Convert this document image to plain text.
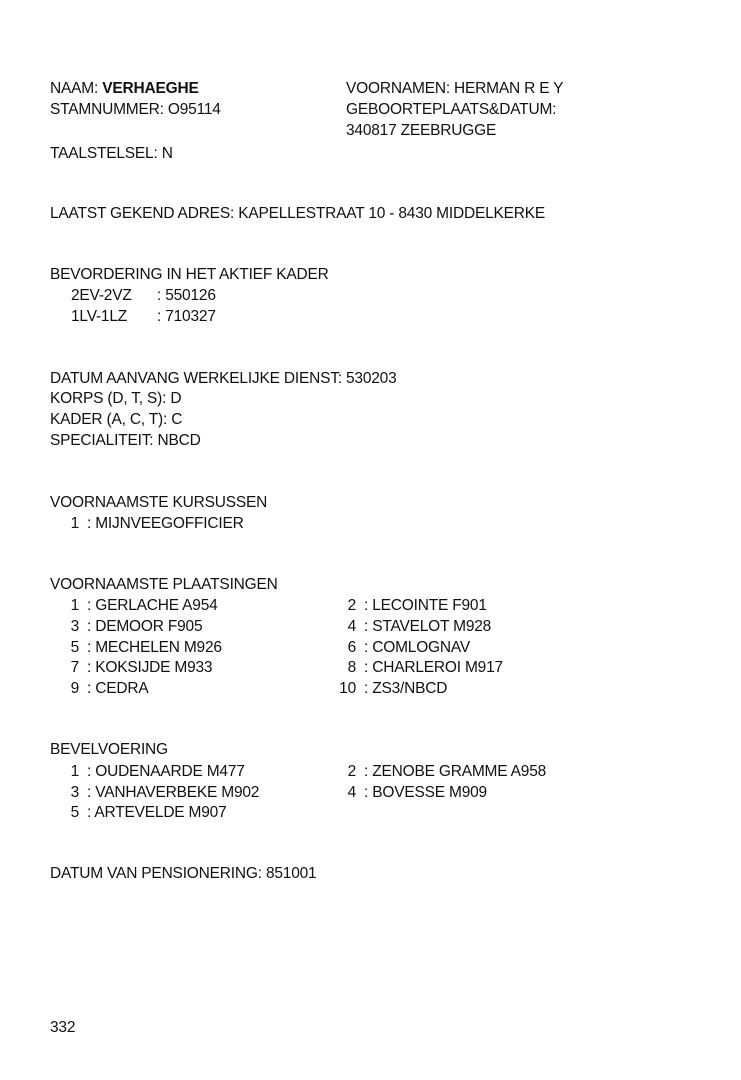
NAAM: VERHAEGHE	VOORNAMEN: HERMAN R E Y
STAMNUMMER: O95114	GEBOORTEPLAATS&DATUM:
340817 ZEEBRUGGE
TAALSTELSEL: N
LAATST GEKEND ADRES: KAPELLESTRAAT 10 - 8430 MIDDELKERKE
BEVORDERING IN HET AKTIEF KADER
2EV-2VZ : 550126
1LV-1LZ : 710327
DATUM AANVANG WERKELIJKE DIENST: 530203
KORPS (D, T, S): D
KADER (A, C, T): C
SPECIALITEIT: NBCD
VOORNAAMSTE KURSUSSEN
1 : MIJNVEEGOFFICIER
VOORNAAMSTE PLAATSINGEN
1 : GERLACHE A954
3 : DEMOOR F905
5 : MECHELEN M926
7 : KOKSIJDE M933
9 : CEDRA
2 : LECOINTE F901
4 : STAVELOT M928
6 : COMLOGNAV
8 : CHARLEROI M917
10 : ZS3/NBCD
BEVELVOERING
1 : OUDENAARDE M477
3 : VANHAVERBEKE M902
5 : ARTEVELDE M907
2 : ZENOBE GRAMME A958
4 : BOVESSE M909
DATUM VAN PENSIONERING: 851001
332
